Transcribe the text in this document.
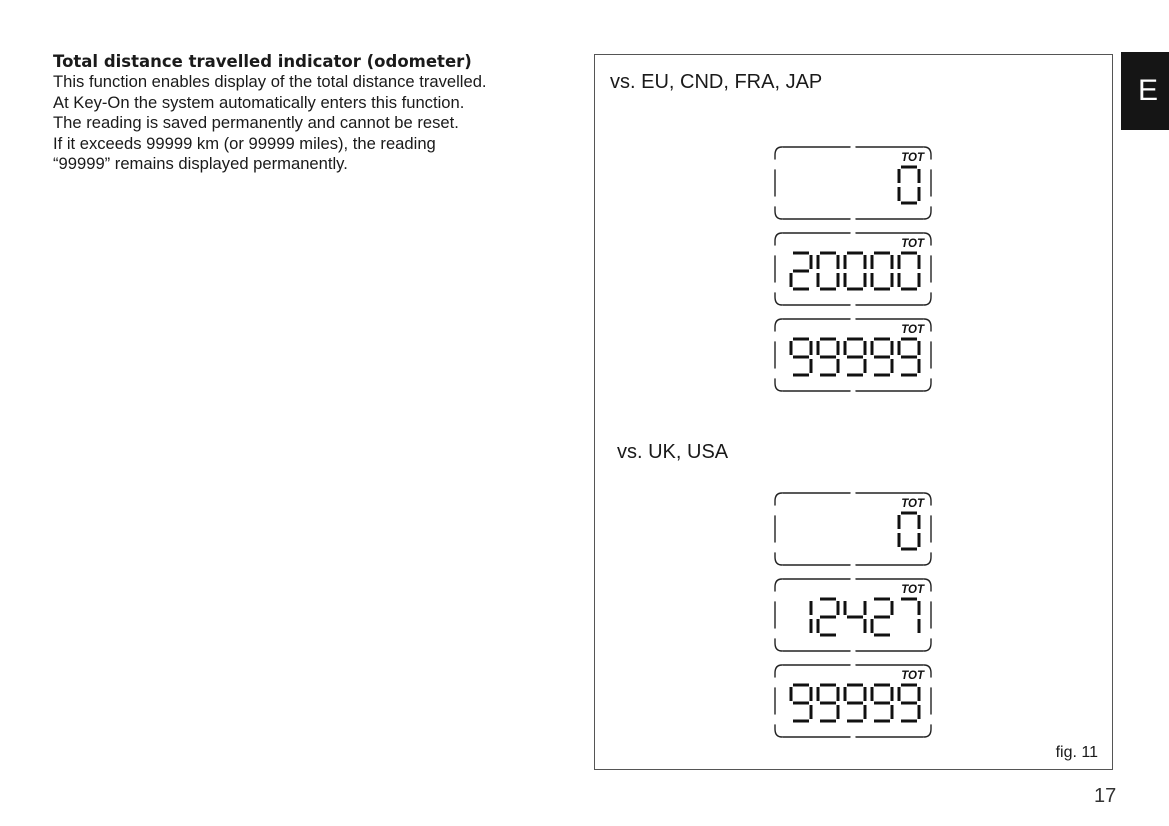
Total distance travelled indicator (odometer)

This function enables display of the total distance travelled.

At Key-On the system automatically enters this function.

The reading is saved permanently and cannot be reset.

If it exceeds 99999 km (or 99999 miles), the reading

“99999” remains displayed permanently.

vs. EU, CND, FRA, JAP
TOT
TOT
TOT
vs. UK, USA
TOT
TOT
TOT
fig. 11
17
E
